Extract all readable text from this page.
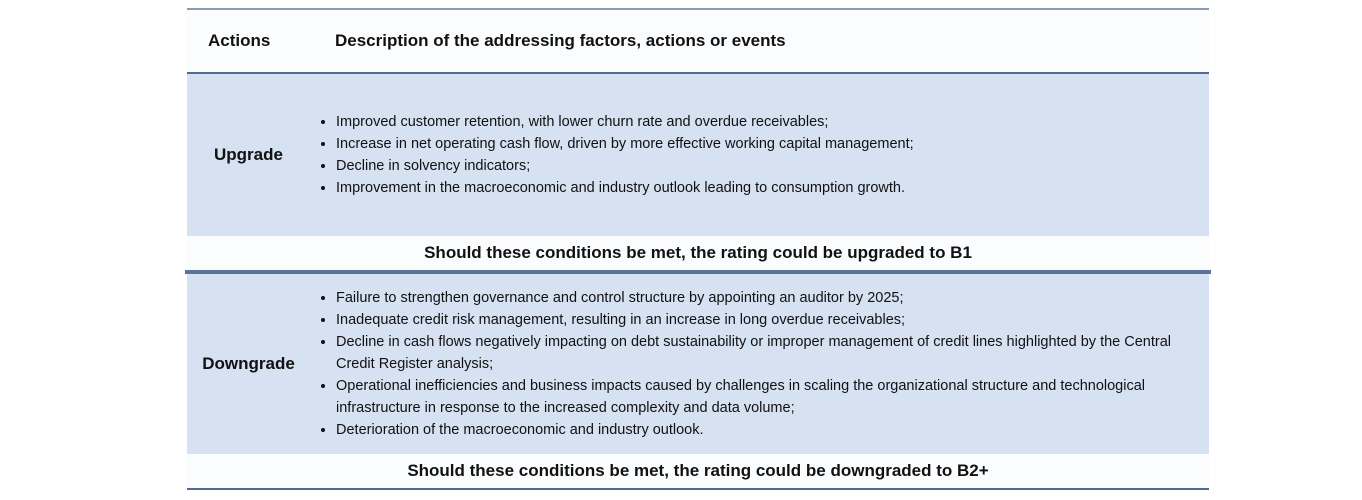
Actions	Description of the addressing factors, actions or events
Upgrade
• Improved customer retention, with lower churn rate and overdue receivables;
• Increase in net operating cash flow, driven by more effective working capital management;
• Decline in solvency indicators;
• Improvement in the macroeconomic and industry outlook leading to consumption growth.
Should these conditions be met, the rating could be upgraded to B1
Downgrade
• Failure to strengthen governance and control structure by appointing an auditor by 2025;
• Inadequate credit risk management, resulting in an increase in long overdue receivables;
• Decline in cash flows negatively impacting on debt sustainability or improper management of credit lines highlighted by the Central Credit Register analysis;
• Operational inefficiencies and business impacts caused by challenges in scaling the organizational structure and technological infrastructure in response to the increased complexity and data volume;
• Deterioration of the macroeconomic and industry outlook.
Should these conditions be met, the rating could be downgraded to B2+
